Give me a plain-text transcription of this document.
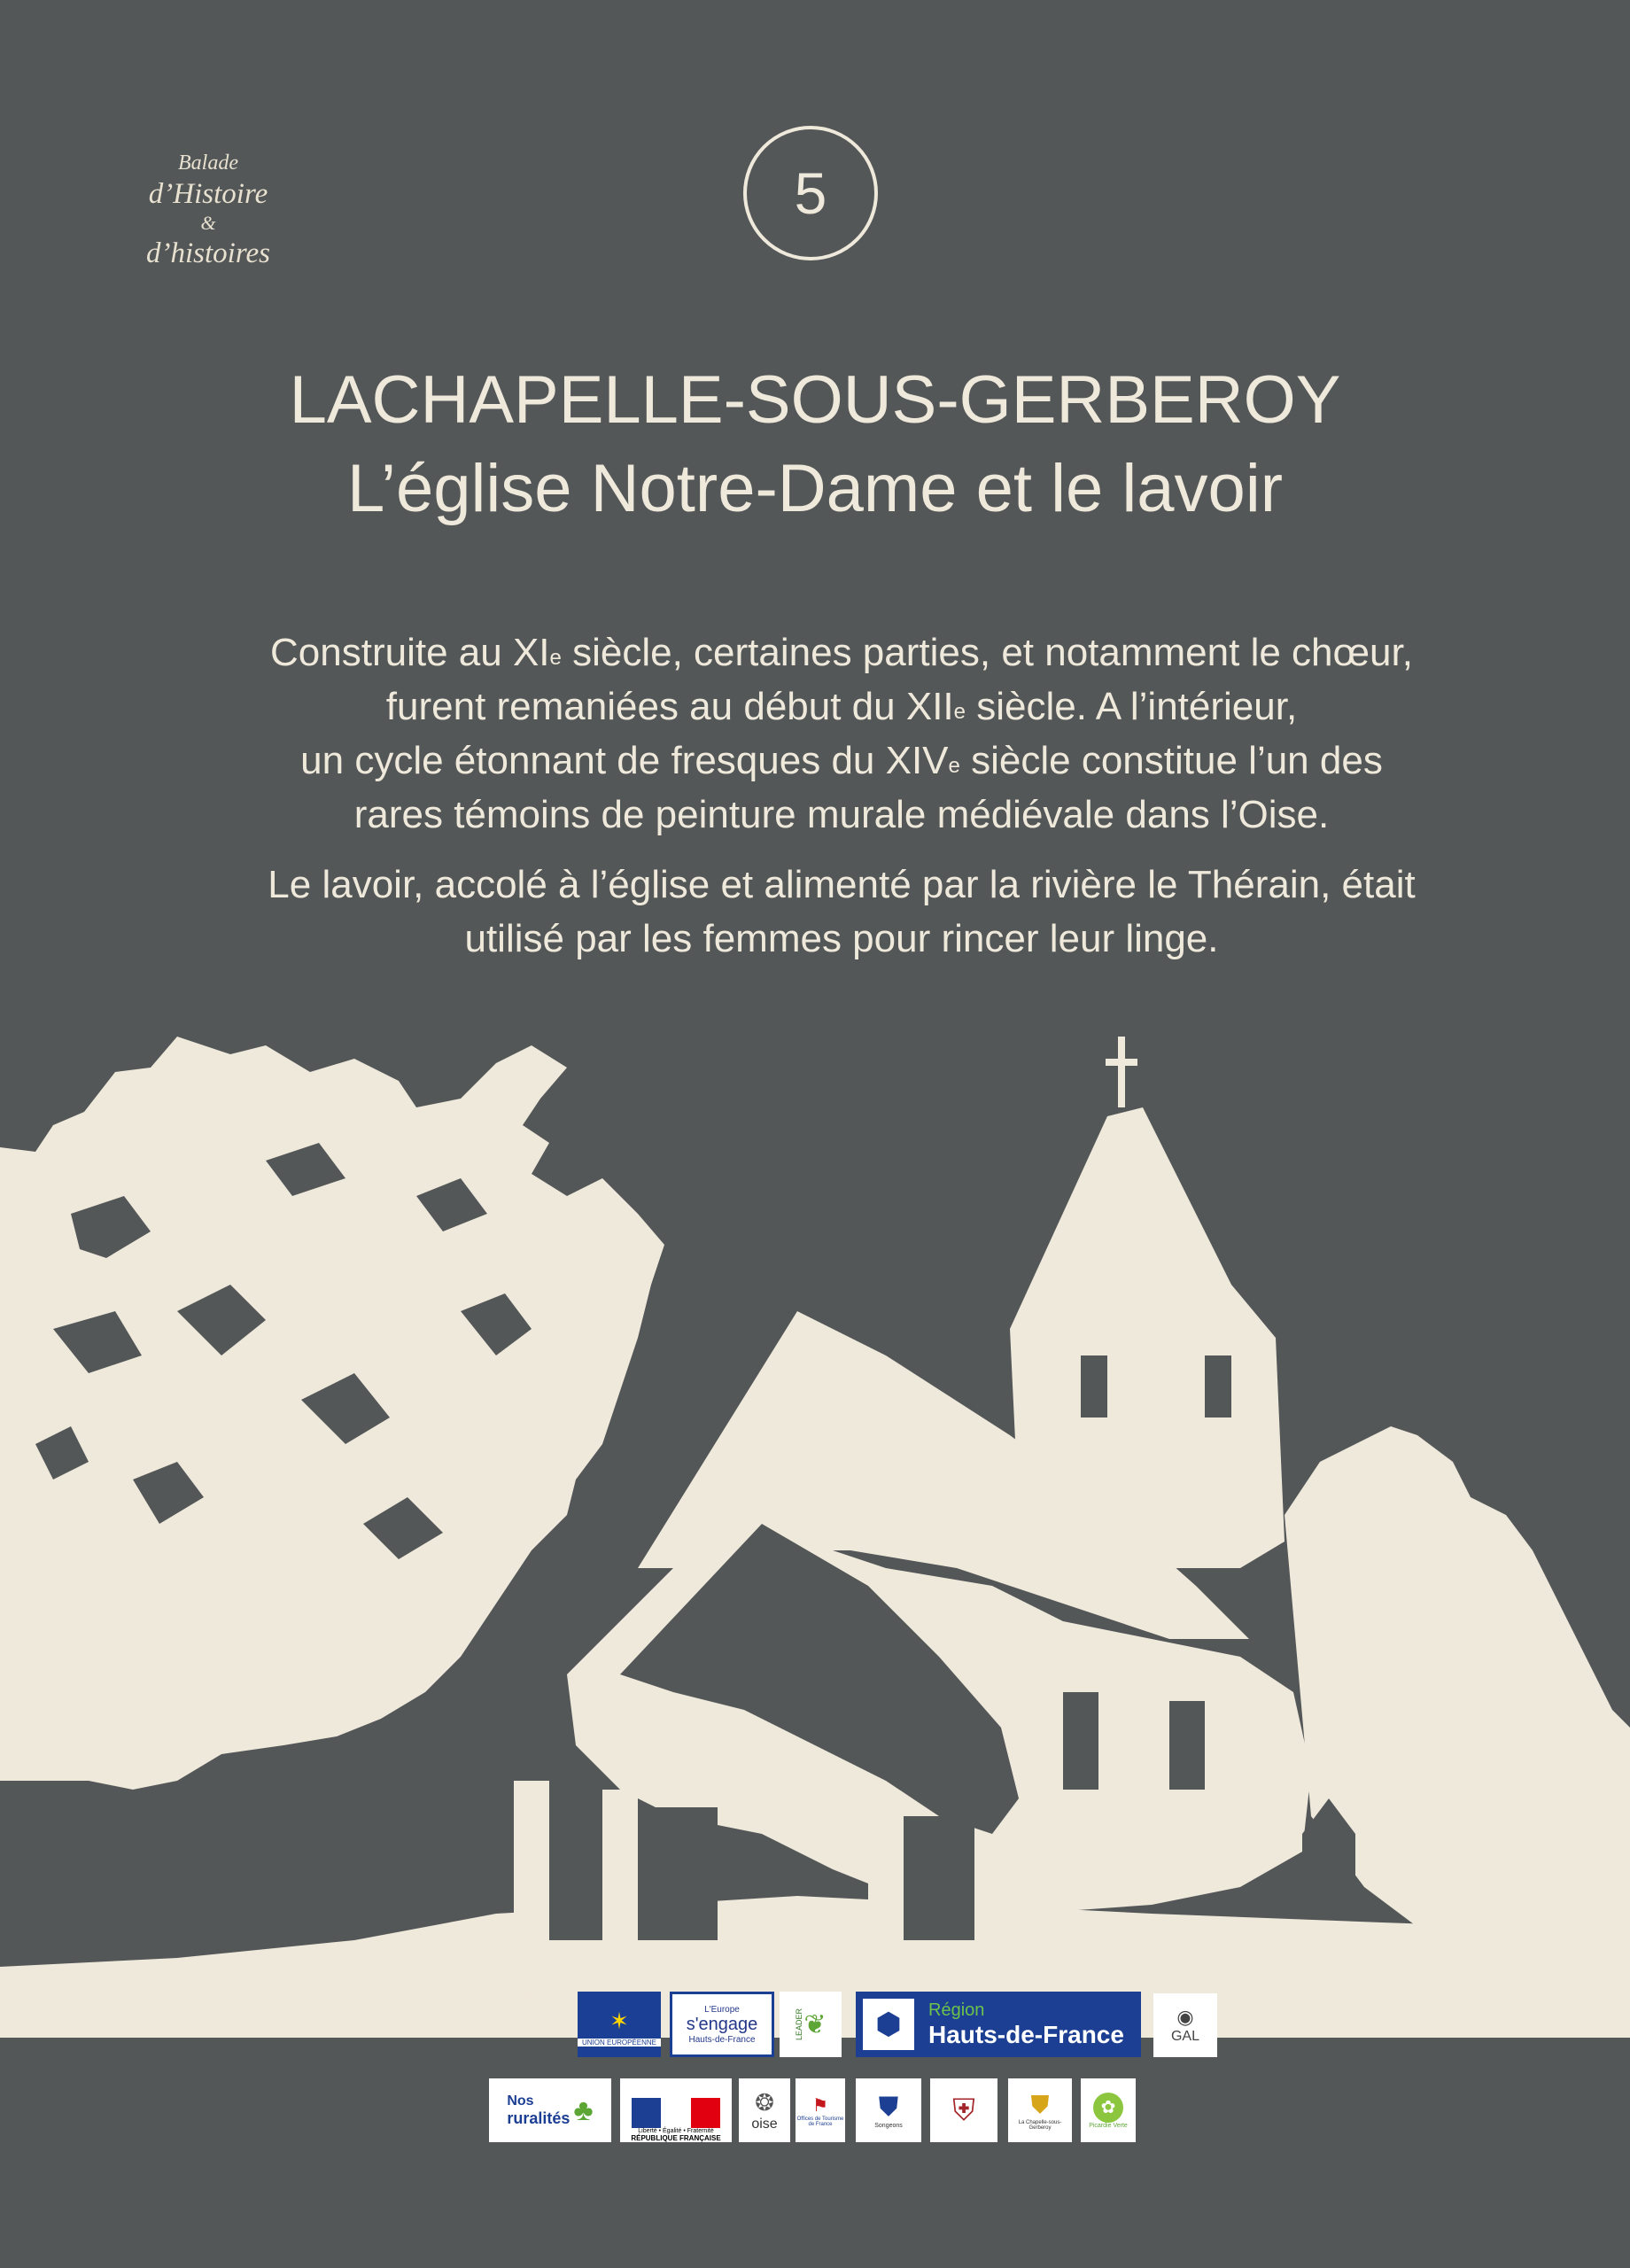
Balade
d’Histoire
&
d’histoires
5
LACHAPELLE-SOUS-GERBEROY
L’église Notre-Dame et le lavoir

Construite au XIe siècle, certaines parties, et notamment le chœur,
furent remaniées au début du XIIe siècle. A l’intérieur,
un cycle étonnant de fresques du XIVe siècle constitue l’un des
rares témoins de peinture murale médiévale dans l’Oise.

Le lavoir, accolé à l’église et alimenté par la rivière le Thérain, était
utilisé par les femmes pour rincer leur linge.

Ce projet est cofinancé par le Fonds européen agricole de développement rural dans le cadre du développement rural de Picardie. L'Europe investit dans les zones rurales. ✶
UNION EUROPÉENNE
L'Europe
s'engage
Hauts-de-France	LEADER ❦	⬢	Région
Hauts-de-France
◉
GAL
Nos
ruralités ♣
Liberté • Égalité • Fraternité
RÉPUBLIQUE FRANÇAISE
❂
oise
⚑
Offices de Tourisme de France
⛊
Songeons ⛨ ⛊
La Chapelle-sous-Gerberoy
✿
Picardie Verte
